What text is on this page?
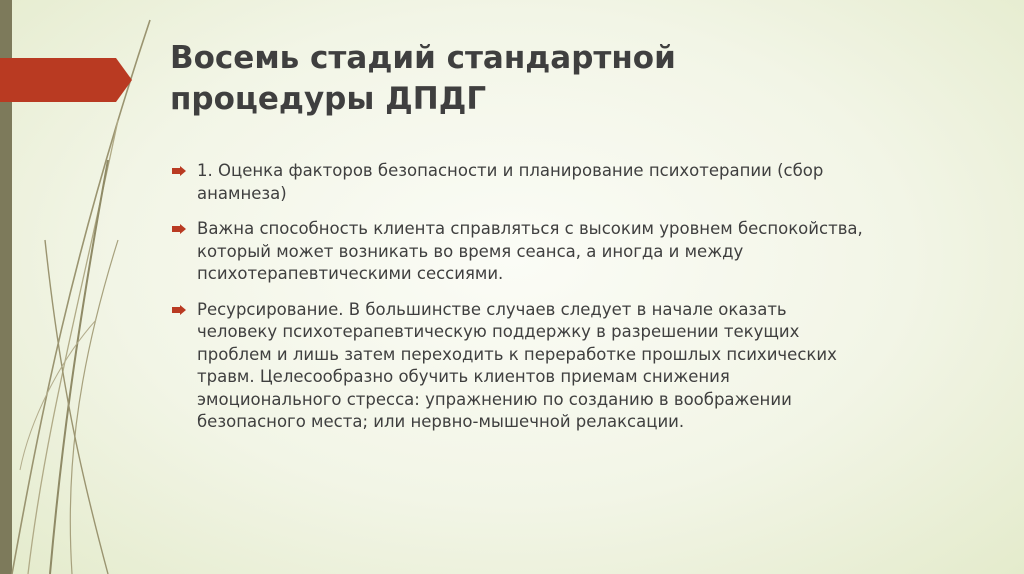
Восемь стадий стандартной
процедуры ДПДГ
1. Оценка факторов безопасности и планирование психотерапии (сбор
анамнеза)
Важна способность клиента справляться с высоким уровнем беспокойства,
который может возникать во время сеанса, а иногда и между
психотерапевтическими сессиями.
Ресурсирование. В большинстве случаев следует в начале оказать
человеку психотерапевтическую поддержку в разрешении текущих
проблем и лишь затем переходить к переработке прошлых психических
травм. Целесообразно обучить клиентов приемам снижения
эмоционального стресса: упражнению по созданию в воображении
безопасного места; или нервно-мышечной релаксации.
